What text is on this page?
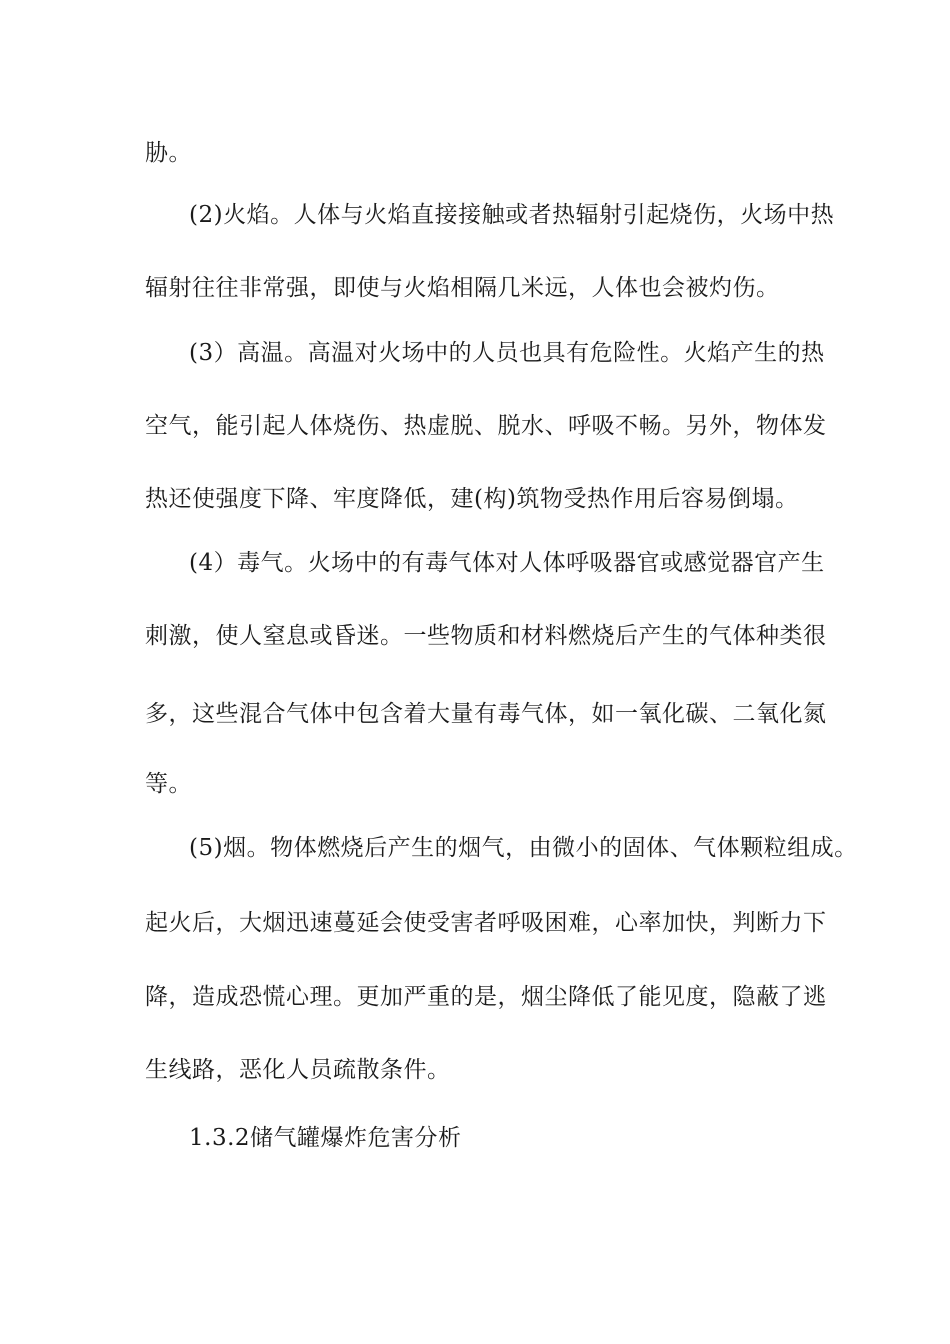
胁。
(2)火焰。人体与火焰直接接触或者热辐射引起烧伤，火场中热
辐射往往非常强，即使与火焰相隔几米远，人体也会被灼伤。
(3）高温。高温对火场中的人员也具有危险性。火焰产生的热
空气，能引起人体烧伤、热虚脱、脱水、呼吸不畅。另外，物体发
热还使强度下降、牢度降低，建(构)筑物受热作用后容易倒塌。
(4）毒气。火场中的有毒气体对人体呼吸器官或感觉器官产生
刺激，使人窒息或昏迷。一些物质和材料燃烧后产生的气体种类很
多，这些混合气体中包含着大量有毒气体，如一氧化碳、二氧化氮
等。
(5)烟。物体燃烧后产生的烟气，由微小的固体、气体颗粒组成。
起火后，大烟迅速蔓延会使受害者呼吸困难，心率加快，判断力下
降，造成恐慌心理。更加严重的是，烟尘降低了能见度，隐蔽了逃
生线路，恶化人员疏散条件。
1.3.2储气罐爆炸危害分析
